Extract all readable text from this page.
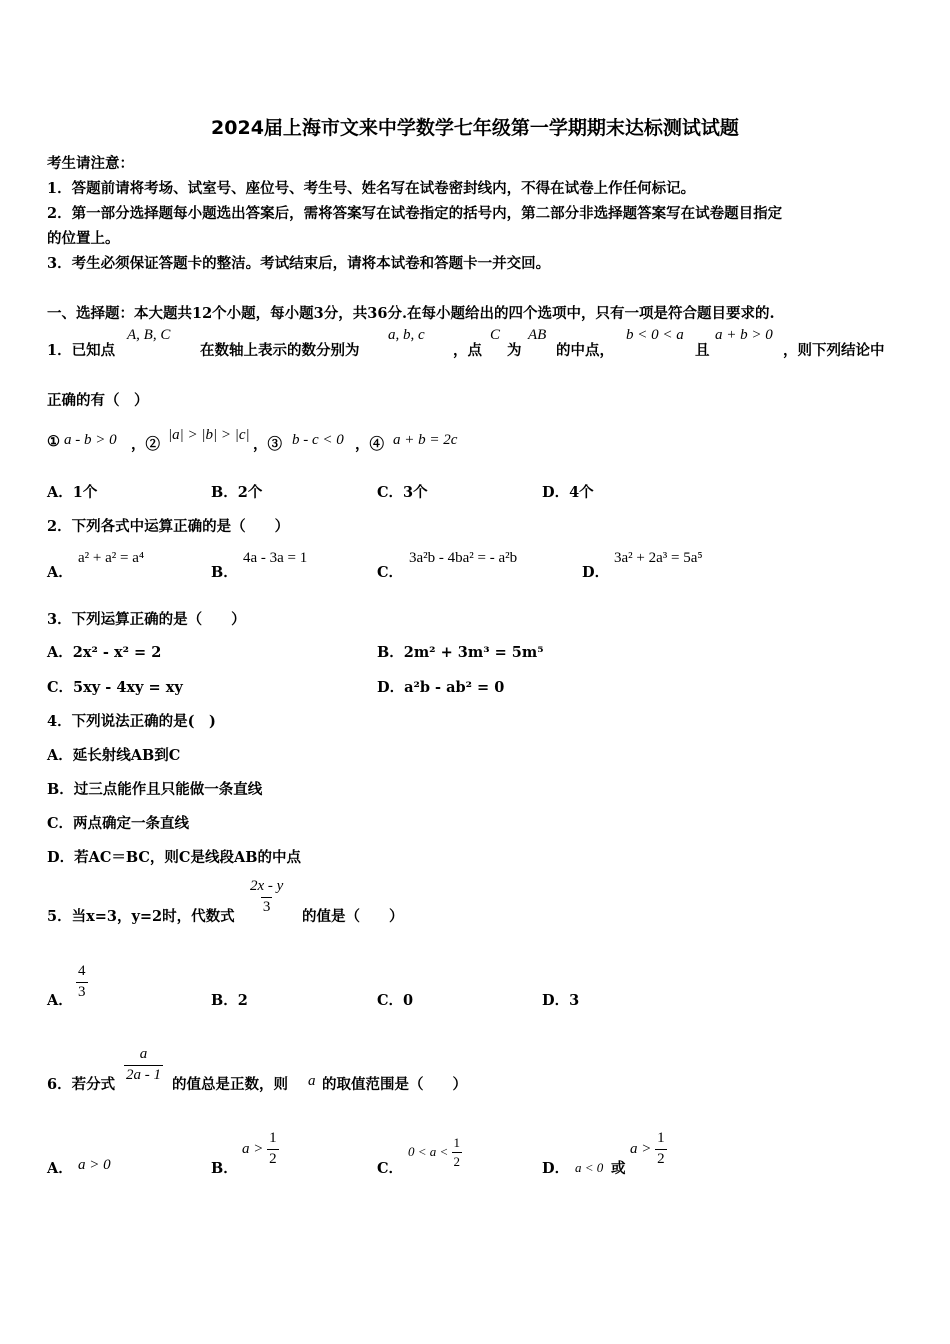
2024届上海市文来中学数学七年级第一学期期末达标测试试题
考生请注意：
1．答题前请将考场、试室号、座位号、考生号、姓名写在试卷密封线内，不得在试卷上作任何标记。
2．第一部分选择题每小题选出答案后，需将答案写在试卷指定的括号内，第二部分非选择题答案写在试卷题目指定
的位置上。
3．考生必须保证答题卡的整洁。考试结束后，请将本试卷和答题卡一并交回。
一、选择题：本大题共12个小题，每小题3分，共36分.在每小题给出的四个选项中，只有一项是符合题目要求的.
1．已知点
A, B, C
在数轴上表示的数分别为
a, b, c
，点
C
为
AB
的中点，
b < 0 < a
且
a + b > 0
，则下列结论中
正确的有（　）
① a - b > 0 ，②
|a| > |b| > |c|
，③ b - c < 0 ，④ a + b = 2c
A．1个	B．2个	C．3个	D．4个
2．下列各式中运算正确的是（　　）
A．
a² + a² = a⁴
B．
4a - 3a = 1
C．
3a²b - 4ba² = - a²b
D．
3a² + 2a³ = 5a⁵
3．下列运算正确的是（　　）
A．2x² - x² = 2	B．2m² + 3m³ = 5m⁵
C．5xy - 4xy = xy	D．a²b - ab² = 0
4．下列说法正确的是(　)
A．延长射线AB到C
B．过三点能作且只能做一条直线
C．两点确定一条直线
D．若AC＝BC，则C是线段AB的中点
5．当x=3，y=2时，代数式
$\frac{2x - y}{3}$
的值是（　　）
A． $\frac{4}{3}$	B．2	C．0	D．3
6．若分式
$\frac{a}{2a - 1}$
的值总是正数，则 a 的取值范围是（　　）
A． a > 0	B．
$a > \frac{1}{2}$
C．
$0 < a < \frac{1}{2}$
D． a < 0 或
$a > \frac{1}{2}$
